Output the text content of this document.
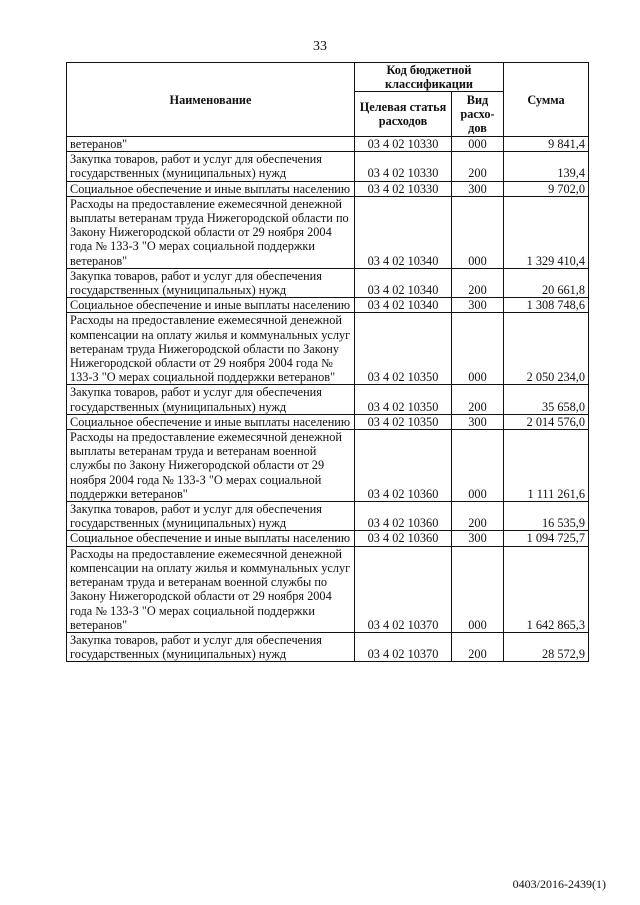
33
Наименование	Код бюджетной классификации		Сумма
	Целевая статья расходов	Вид расхо-дов	
ветеранов"	03 4 02 10330	000	9 841,4
Закупка товаров, работ и услуг для обеспечения государственных (муниципальных) нужд	03 4 02 10330	200	139,4
Социальное обеспечение и иные выплаты населению	03 4 02 10330	300	9 702,0
Расходы на предоставление ежемесячной денежной выплаты ветеранам труда Нижегородской области по Закону Нижегородской области от 29 ноября 2004 года № 133-З "О мерах социальной поддержки ветеранов"	03 4 02 10340	000	1 329 410,4
Закупка товаров, работ и услуг для обеспечения государственных (муниципальных) нужд	03 4 02 10340	200	20 661,8
Социальное обеспечение и иные выплаты населению	03 4 02 10340	300	1 308 748,6
Расходы на предоставление ежемесячной денежной компенсации на оплату жилья и коммунальных услуг ветеранам труда Нижегородской области по Закону Нижегородской области от 29 ноября 2004 года № 133-З "О мерах социальной поддержки ветеранов"	03 4 02 10350	000	2 050 234,0
Закупка товаров, работ и услуг для обеспечения государственных (муниципальных) нужд	03 4 02 10350	200	35 658,0
Социальное обеспечение и иные выплаты населению	03 4 02 10350	300	2 014 576,0
Расходы на предоставление ежемесячной денежной выплаты ветеранам труда и ветеранам военной службы по Закону Нижегородской области от 29 ноября 2004 года № 133-З "О мерах социальной поддержки ветеранов"	03 4 02 10360	000	1 111 261,6
Закупка товаров, работ и услуг для обеспечения государственных (муниципальных) нужд	03 4 02 10360	200	16 535,9
Социальное обеспечение и иные выплаты населению	03 4 02 10360	300	1 094 725,7
Расходы на предоставление ежемесячной денежной компенсации на оплату жилья и коммунальных услуг ветеранам труда и ветеранам военной службы по Закону Нижегородской области от 29 ноября 2004 года № 133-З "О мерах социальной поддержки ветеранов"	03 4 02 10370	000	1 642 865,3
Закупка товаров, работ и услуг для обеспечения государственных (муниципальных) нужд	03 4 02 10370	200	28 572,9
0403/2016-2439(1)
